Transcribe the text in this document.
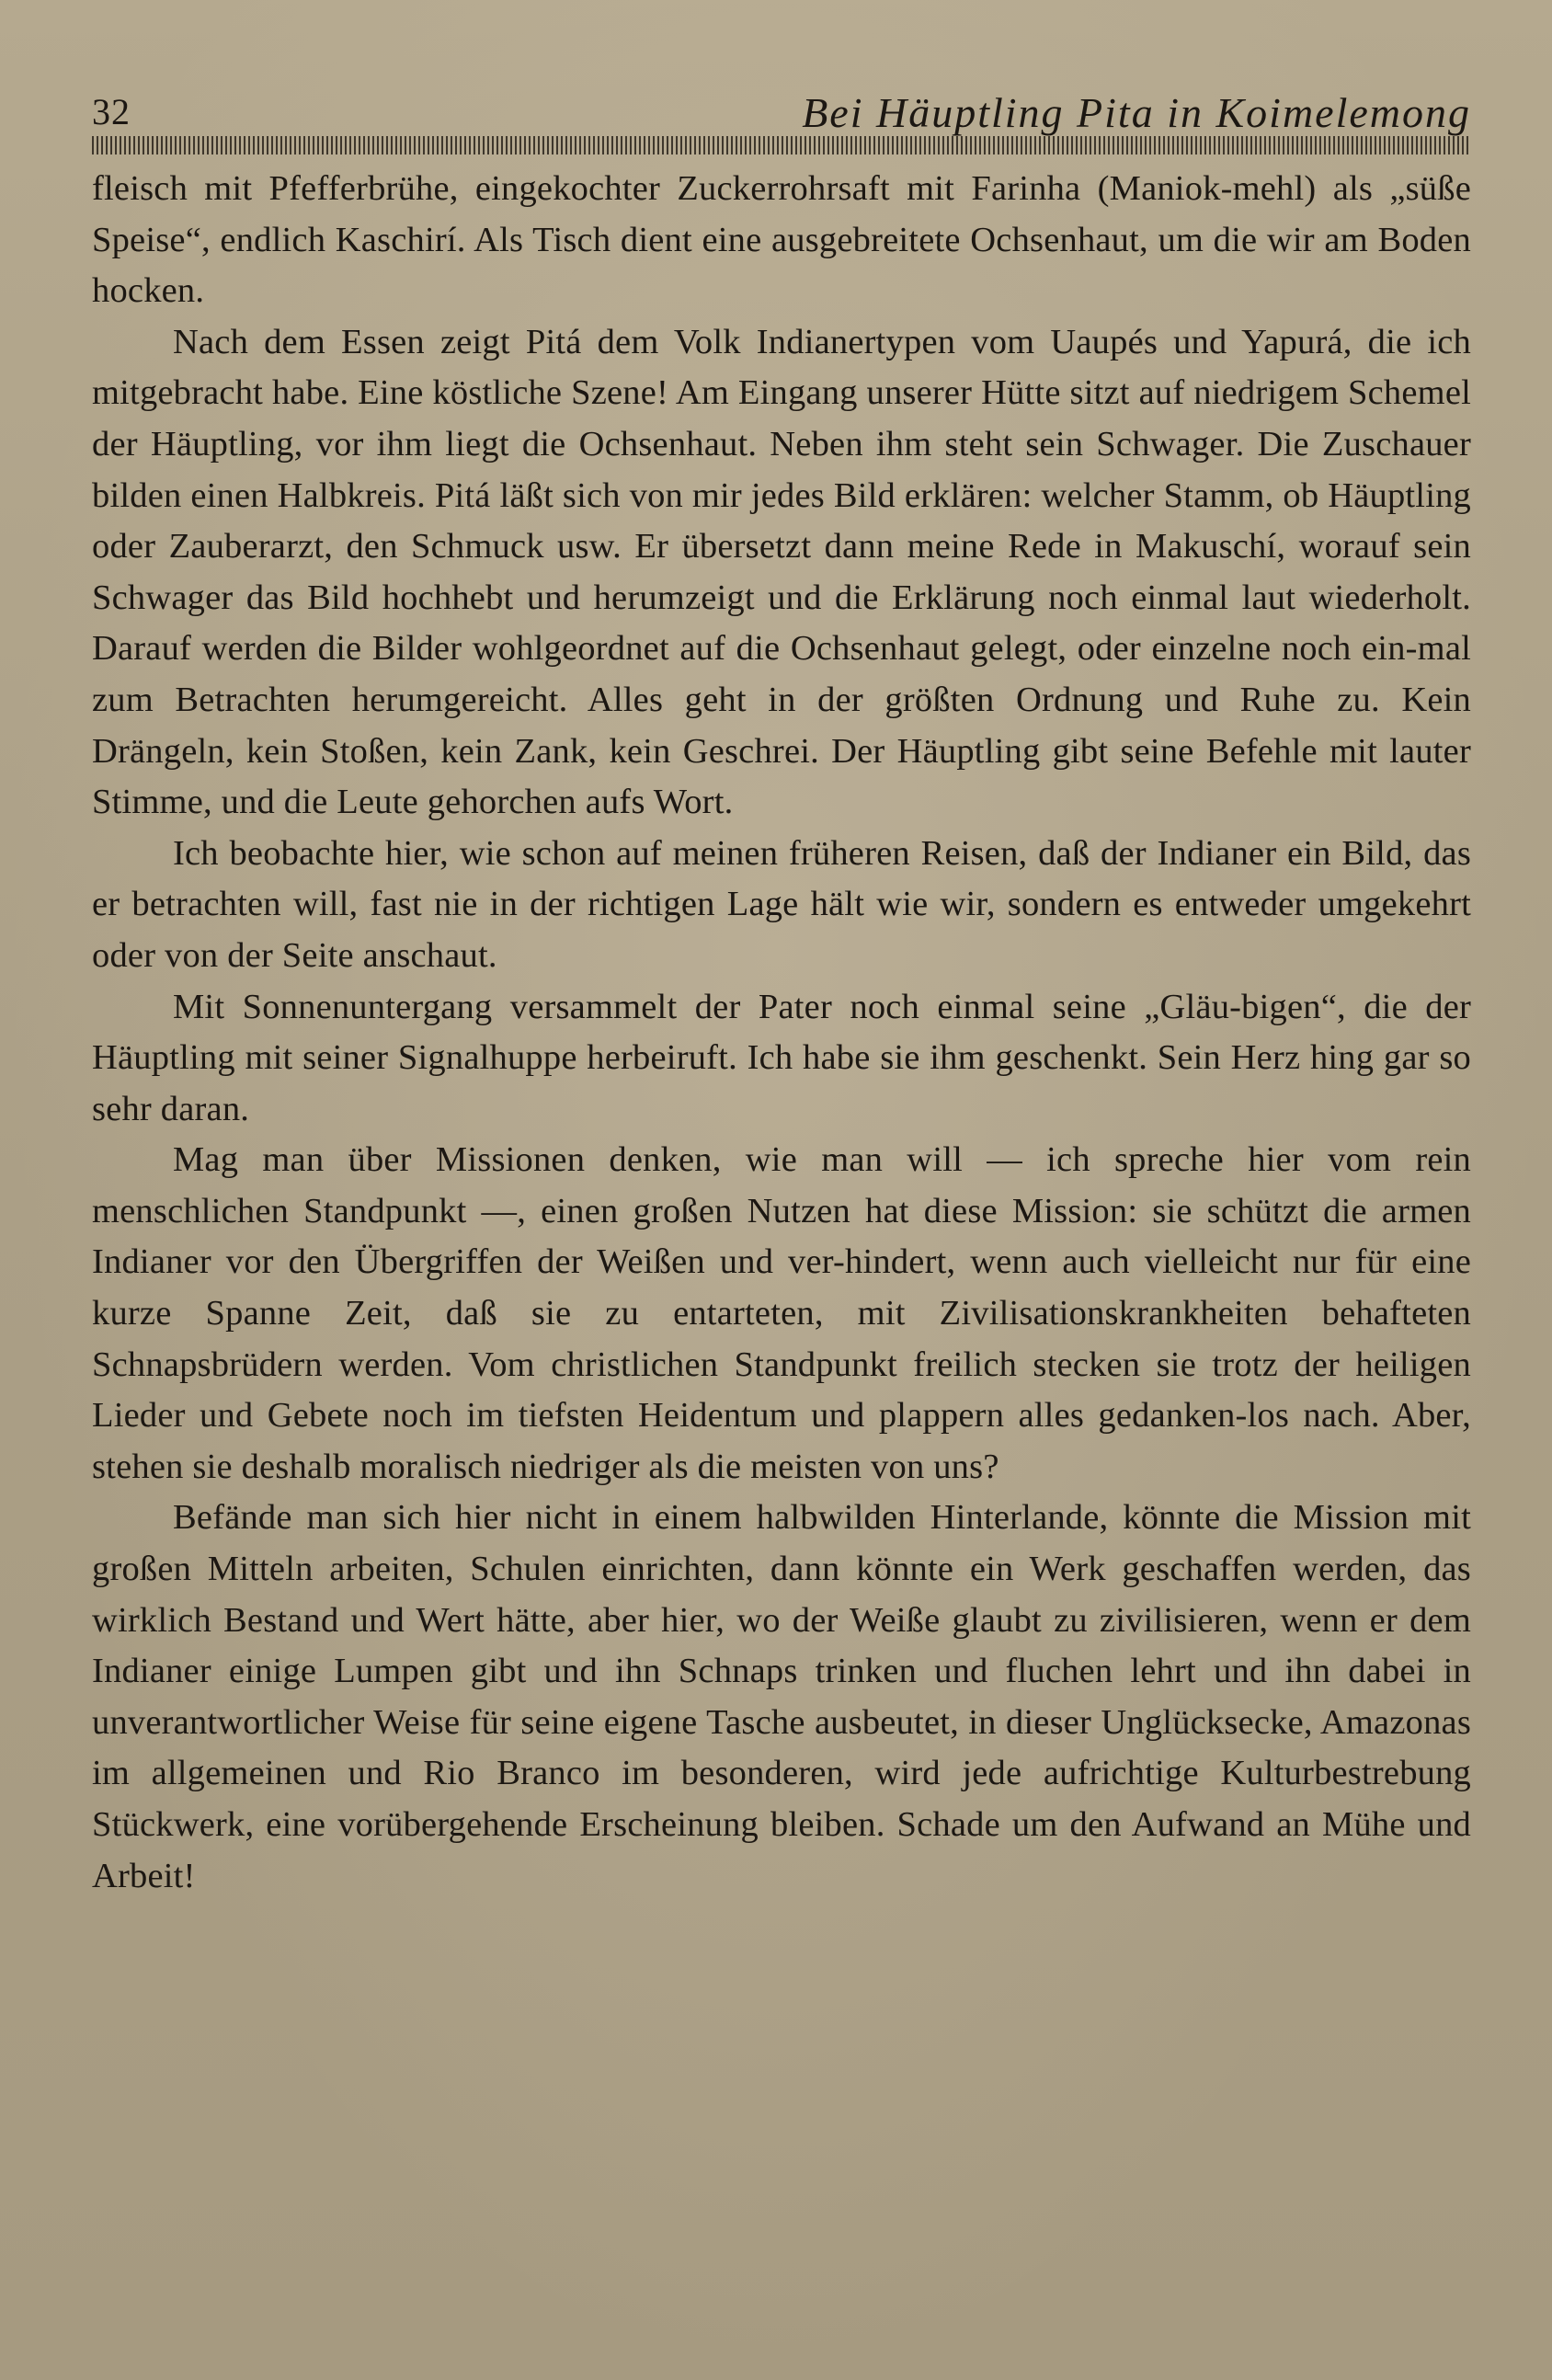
32	Bei Häuptling Pita in Koimelemong

fleisch mit Pfefferbrühe, eingekochter Zuckerrohrsaft mit Farinha (Maniok-mehl) als „süße Speise“, endlich Kaschirí. Als Tisch dient eine ausgebreitete Ochsenhaut, um die wir am Boden hocken.

Nach dem Essen zeigt Pitá dem Volk Indianertypen vom Uaupés und Yapurá, die ich mitgebracht habe. Eine köstliche Szene! Am Eingang unserer Hütte sitzt auf niedrigem Schemel der Häuptling, vor ihm liegt die Ochsenhaut. Neben ihm steht sein Schwager. Die Zuschauer bilden einen Halbkreis. Pitá läßt sich von mir jedes Bild erklären: welcher Stamm, ob Häuptling oder Zauberarzt, den Schmuck usw. Er übersetzt dann meine Rede in Makuschí, worauf sein Schwager das Bild hochhebt und herumzeigt und die Erklärung noch einmal laut wiederholt. Darauf werden die Bilder wohlgeordnet auf die Ochsenhaut gelegt, oder einzelne noch ein-mal zum Betrachten herumgereicht. Alles geht in der größten Ordnung und Ruhe zu. Kein Drängeln, kein Stoßen, kein Zank, kein Geschrei. Der Häuptling gibt seine Befehle mit lauter Stimme, und die Leute gehorchen aufs Wort.

Ich beobachte hier, wie schon auf meinen früheren Reisen, daß der Indianer ein Bild, das er betrachten will, fast nie in der richtigen Lage hält wie wir, sondern es entweder umgekehrt oder von der Seite anschaut.

Mit Sonnenuntergang versammelt der Pater noch einmal seine „Gläu-bigen“, die der Häuptling mit seiner Signalhuppe herbeiruft. Ich habe sie ihm geschenkt. Sein Herz hing gar so sehr daran.

Mag man über Missionen denken, wie man will — ich spreche hier vom rein menschlichen Standpunkt —, einen großen Nutzen hat diese Mission: sie schützt die armen Indianer vor den Übergriffen der Weißen und ver-hindert, wenn auch vielleicht nur für eine kurze Spanne Zeit, daß sie zu entarteten, mit Zivilisationskrankheiten behafteten Schnapsbrüdern werden. Vom christlichen Standpunkt freilich stecken sie trotz der heiligen Lieder und Gebete noch im tiefsten Heidentum und plappern alles gedanken-los nach. Aber, stehen sie deshalb moralisch niedriger als die meisten von uns?

Befände man sich hier nicht in einem halbwilden Hinterlande, könnte die Mission mit großen Mitteln arbeiten, Schulen einrichten, dann könnte ein Werk geschaffen werden, das wirklich Bestand und Wert hätte, aber hier, wo der Weiße glaubt zu zivilisieren, wenn er dem Indianer einige Lumpen gibt und ihn Schnaps trinken und fluchen lehrt und ihn dabei in unverantwortlicher Weise für seine eigene Tasche ausbeutet, in dieser Unglücksecke, Amazonas im allgemeinen und Rio Branco im besonderen, wird jede aufrichtige Kulturbestrebung Stückwerk, eine vorübergehende Erscheinung bleiben. Schade um den Aufwand an Mühe und Arbeit!
